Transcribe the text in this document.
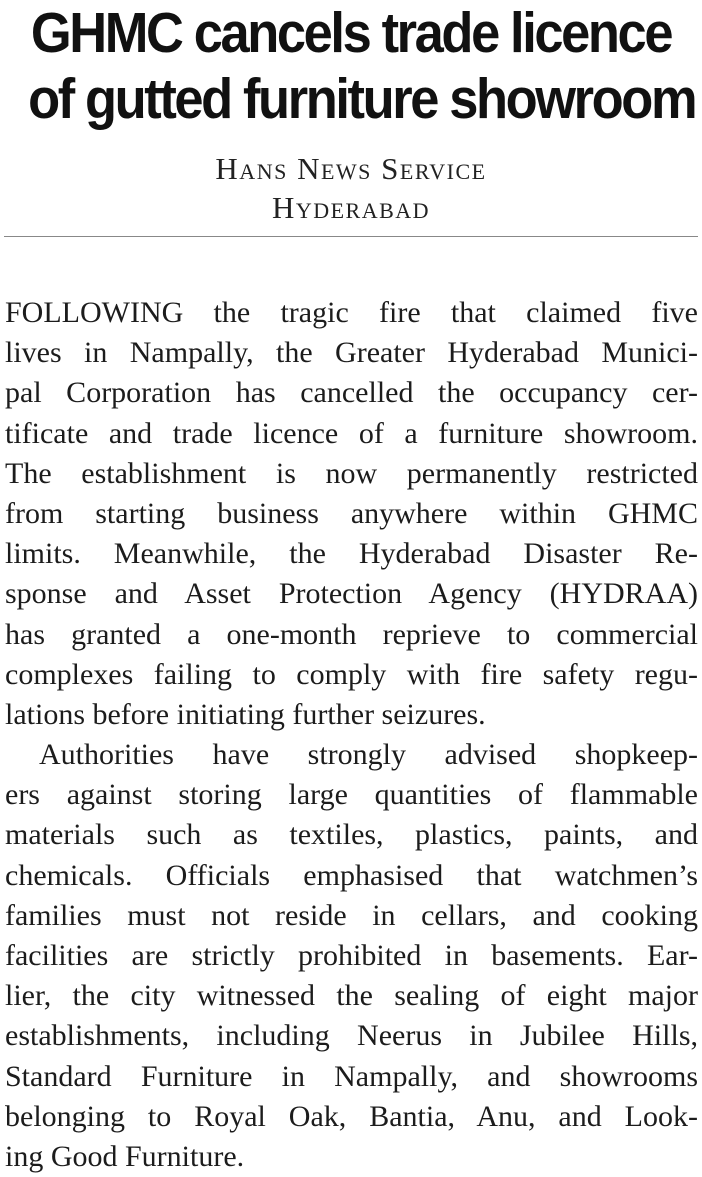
GHMC cancels trade licence
of gutted furniture showroom
Hans News Service
Hyderabad
FOLLOWING the tragic fire that claimed five
lives in Nampally, the Greater Hyderabad Munici-
pal Corporation has cancelled the occupancy cer-
tificate and trade licence of a furniture showroom.
The establishment is now permanently restricted
from starting business anywhere within GHMC
limits. Meanwhile, the Hyderabad Disaster Re-
sponse and Asset Protection Agency (HYDRAA)
has granted a one-month reprieve to commercial
complexes failing to comply with fire safety regu-
lations before initiating further seizures.
Authorities have strongly advised shopkeep-
ers against storing large quantities of flammable
materials such as textiles, plastics, paints, and
chemicals. Officials emphasised that watchmen’s
families must not reside in cellars, and cooking
facilities are strictly prohibited in basements. Ear-
lier, the city witnessed the sealing of eight major
establishments, including Neerus in Jubilee Hills,
Standard Furniture in Nampally, and showrooms
belonging to Royal Oak, Bantia, Anu, and Look-
ing Good Furniture.
